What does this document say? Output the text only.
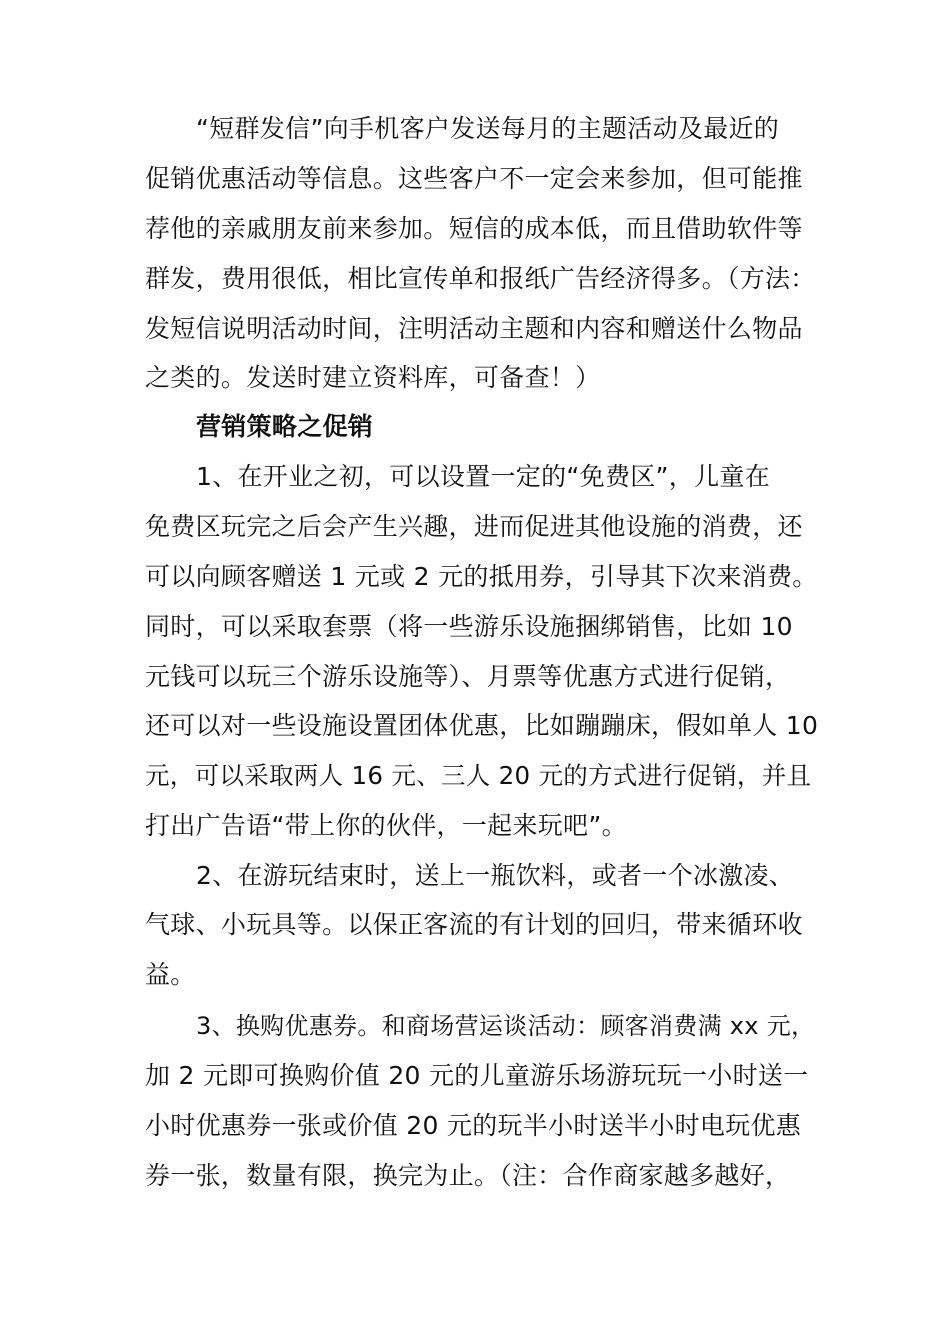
“短群发信”向手机客户发送每月的主题活动及最近的
促销优惠活动等信息。这些客户不一定会来参加，但可能推
荐他的亲戚朋友前来参加。短信的成本低，而且借助软件等
群发，费用很低，相比宣传单和报纸广告经济得多。（方法：
发短信说明活动时间，注明活动主题和内容和赠送什么物品
之类的。发送时建立资料库，可备查！）
营销策略之促销
1、在开业之初，可以设置一定的“免费区”，儿童在
免费区玩完之后会产生兴趣，进而促进其他设施的消费，还
可以向顾客赠送 1 元或 2 元的抵用券，引导其下次来消费。
同时，可以采取套票（将一些游乐设施捆绑销售，比如 10
元钱可以玩三个游乐设施等）、月票等优惠方式进行促销，
还可以对一些设施设置团体优惠，比如蹦蹦床，假如单人 10
元，可以采取两人 16 元、三人 20 元的方式进行促销，并且
打出广告语“带上你的伙伴，一起来玩吧”。
2、在游玩结束时，送上一瓶饮料，或者一个冰激凌、
气球、小玩具等。以保正客流的有计划的回归，带来循环收
益。
3、换购优惠券。和商场营运谈活动：顾客消费满 xx 元，
加 2 元即可换购价值 20 元的儿童游乐场游玩玩一小时送一
小时优惠券一张或价值 20 元的玩半小时送半小时电玩优惠
券一张，数量有限，换完为止。（注：合作商家越多越好，
